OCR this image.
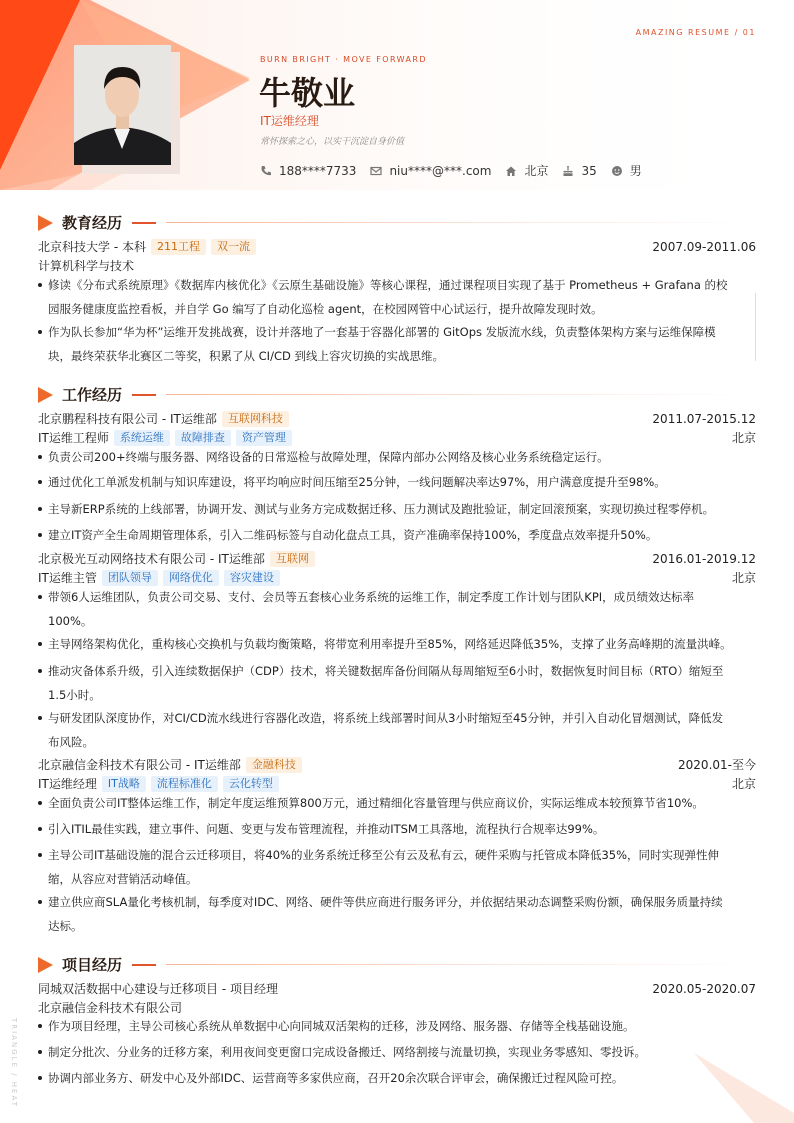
AMAZING RESUME / 01
TRIANGLE / HEAT
BURN BRIGHT · MOVE FORWARD
牛敬业
IT运维经理
常怀探索之心，以实干沉淀自身价值
188****7733	niu****@***.com	北京	35	男
教育经历
北京科技大学 - 本科	211工程	双一流	2007.09-2011.06
计算机科学与技术
修读《分布式系统原理》《数据库内核优化》《云原生基础设施》等核心课程，通过课程项目实现了基于 Prometheus + Grafana 的校
园服务健康度监控看板，并自学 Go 编写了自动化巡检 agent，在校园网管中心试运行，提升故障发现时效。
作为队长参加“华为杯”运维开发挑战赛，设计并落地了一套基于容器化部署的 GitOps 发版流水线，负责整体架构方案与运维保障模
块，最终荣获华北赛区二等奖，积累了从 CI/CD 到线上容灾切换的实战思维。
工作经历
北京鹏程科技有限公司 - IT运维部	互联网科技	2011.07-2015.12
IT运维工程师	系统运维	故障排查	资产管理	北京
负责公司200+终端与服务器、网络设备的日常巡检与故障处理，保障内部办公网络及核心业务系统稳定运行。
通过优化工单派发机制与知识库建设，将平均响应时间压缩至25分钟，一线问题解决率达97%，用户满意度提升至98%。
主导新ERP系统的上线部署，协调开发、测试与业务方完成数据迁移、压力测试及跑批验证，制定回滚预案，实现切换过程零停机。
建立IT资产全生命周期管理体系，引入二维码标签与自动化盘点工具，资产准确率保持100%，季度盘点效率提升50%。
北京极光互动网络技术有限公司 - IT运维部	互联网	2016.01-2019.12
IT运维主管	团队领导	网络优化	容灾建设	北京
带领6人运维团队，负责公司交易、支付、会员等五套核心业务系统的运维工作，制定季度工作计划与团队KPI，成员绩效达标率
100%。
主导网络架构优化，重构核心交换机与负载均衡策略，将带宽利用率提升至85%，网络延迟降低35%，支撑了业务高峰期的流量洪峰。
推动灾备体系升级，引入连续数据保护（CDP）技术，将关键数据库备份间隔从每周缩短至6小时，数据恢复时间目标（RTO）缩短至
1.5小时。
与研发团队深度协作，对CI/CD流水线进行容器化改造，将系统上线部署时间从3小时缩短至45分钟，并引入自动化冒烟测试，降低发
布风险。
北京融信金科技术有限公司 - IT运维部	金融科技	2020.01-至今
IT运维经理	IT战略	流程标准化	云化转型	北京
全面负责公司IT整体运维工作，制定年度运维预算800万元，通过精细化容量管理与供应商议价，实际运维成本较预算节省10%。
引入ITIL最佳实践，建立事件、问题、变更与发布管理流程，并推动ITSM工具落地，流程执行合规率达99%。
主导公司IT基础设施的混合云迁移项目，将40%的业务系统迁移至公有云及私有云，硬件采购与托管成本降低35%，同时实现弹性伸
缩，从容应对营销活动峰值。
建立供应商SLA量化考核机制，每季度对IDC、网络、硬件等供应商进行服务评分，并依据结果动态调整采购份额，确保服务质量持续
达标。
项目经历
同城双活数据中心建设与迁移项目 - 项目经理	2020.05-2020.07
北京融信金科技术有限公司
作为项目经理，主导公司核心系统从单数据中心向同城双活架构的迁移，涉及网络、服务器、存储等全栈基础设施。
制定分批次、分业务的迁移方案，利用夜间变更窗口完成设备搬迁、网络割接与流量切换，实现业务零感知、零投诉。
协调内部业务方、研发中心及外部IDC、运营商等多家供应商，召开20余次联合评审会，确保搬迁过程风险可控。
